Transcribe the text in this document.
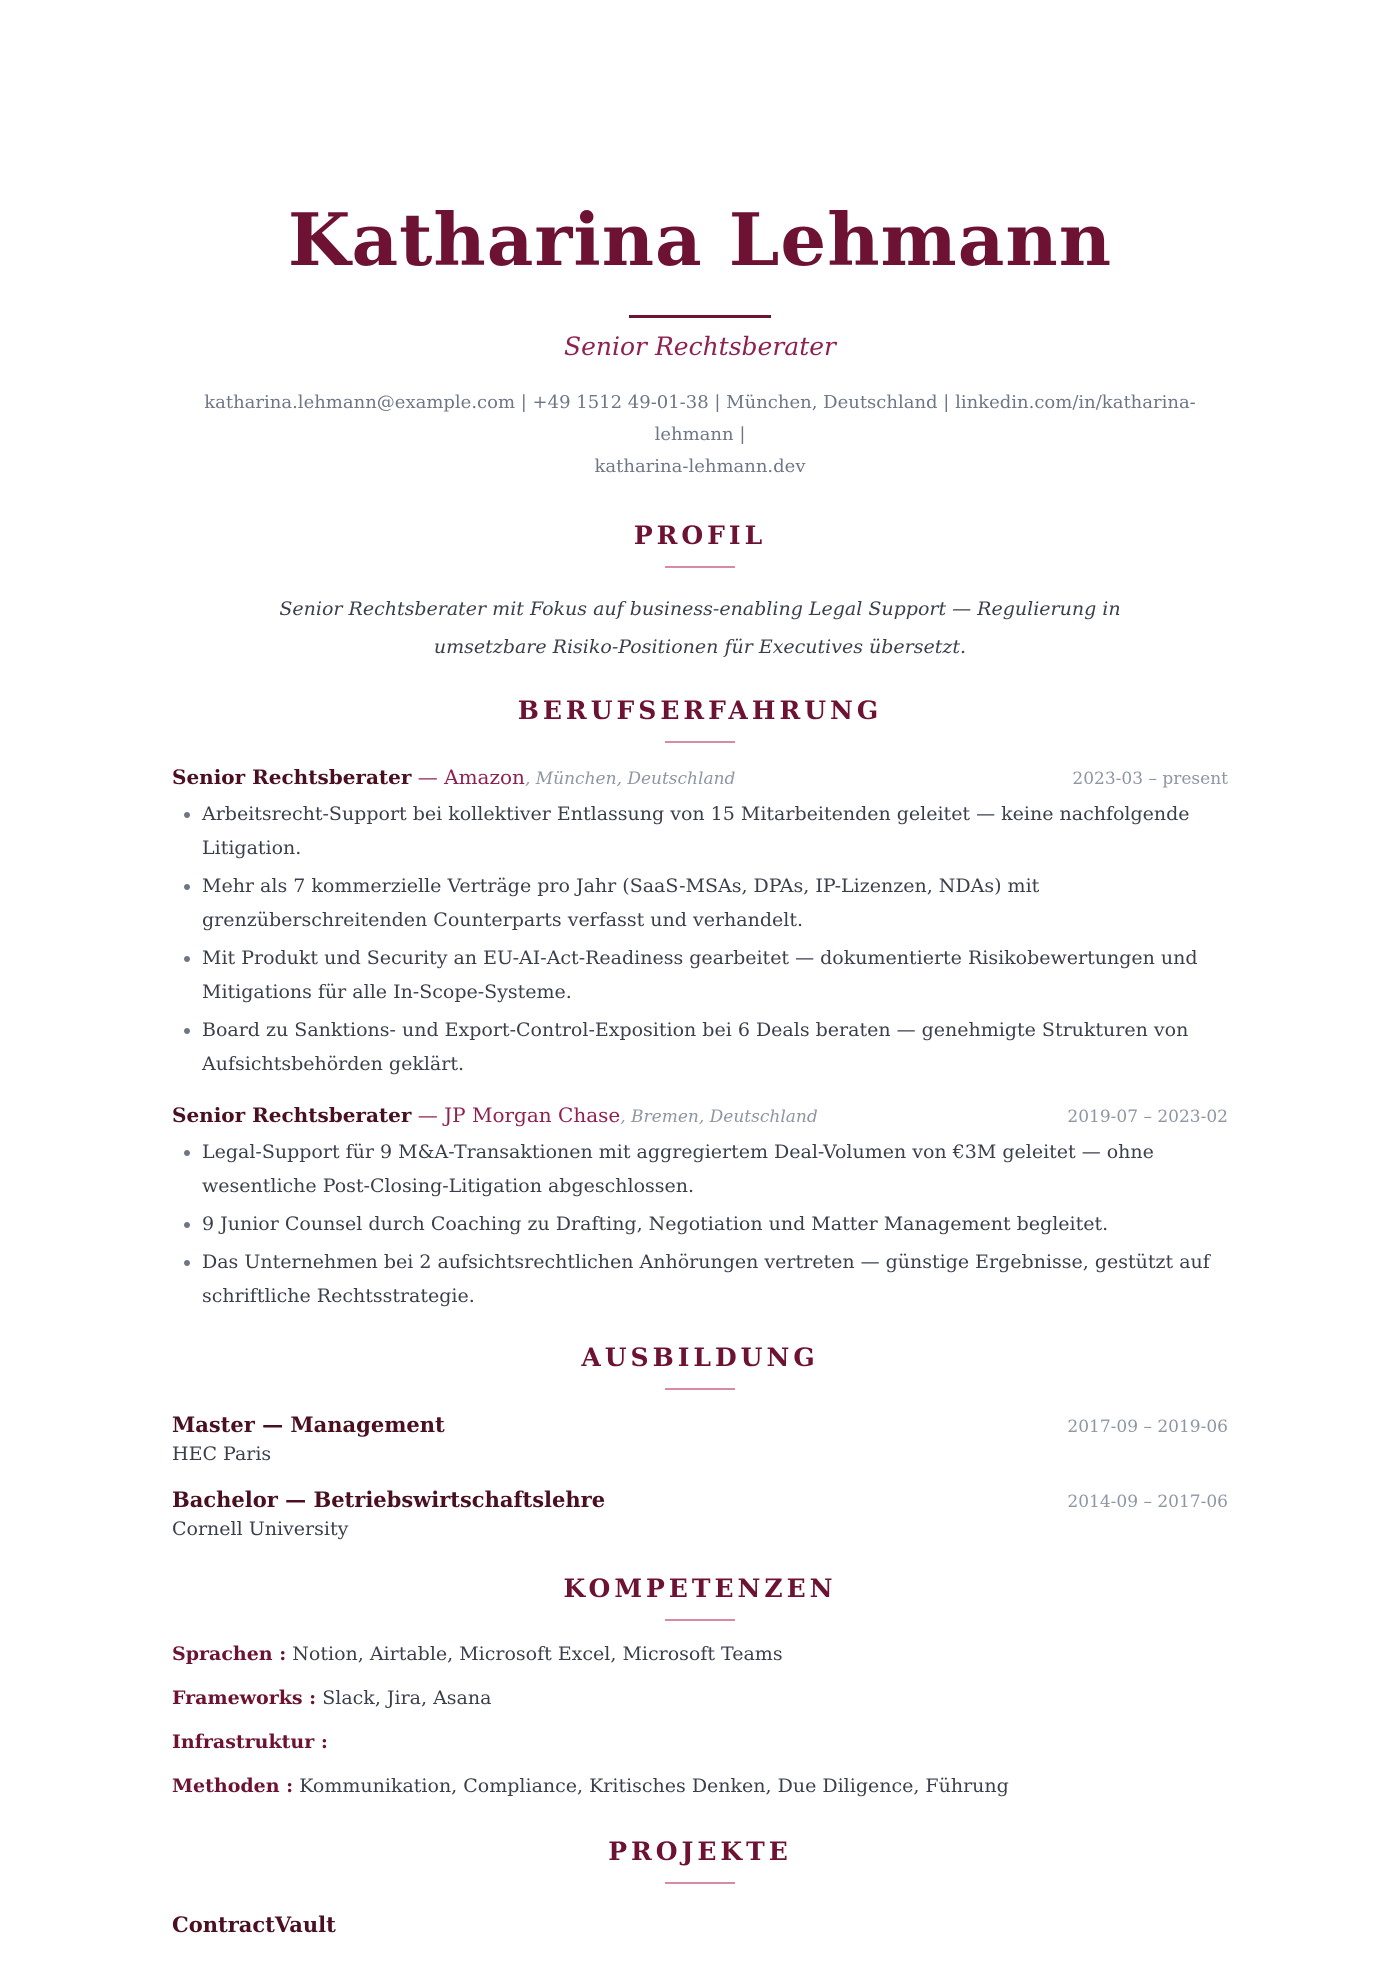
Katharina Lehmann

Senior Rechtsberater

katharina.lehmann@example.com | +49 1512 49-01-38 | München, Deutschland | linkedin.com/in/katharina-lehmann |
katharina-lehmann.dev
PROFIL

Senior Rechtsberater mit Fokus auf business-enabling Legal Support — Regulierung in umsetzbare Risiko-Positionen für Executives übersetzt.

BERUFSERFAHRUNG
Senior Rechtsberater — Amazon, München, Deutschland	2023-03 – present
• Arbeitsrecht-Support bei kollektiver Entlassung von 15 Mitarbeitenden geleitet — keine nachfolgende Litigation.
• Mehr als 7 kommerzielle Verträge pro Jahr (SaaS-MSAs, DPAs, IP-Lizenzen, NDAs) mit grenzüberschreitenden Counterparts verfasst und verhandelt.
• Mit Produkt und Security an EU-AI-Act-Readiness gearbeitet — dokumentierte Risikobewertungen und Mitigations für alle In-Scope-Systeme.
• Board zu Sanktions- und Export-Control-Exposition bei 6 Deals beraten — genehmigte Strukturen von Aufsichtsbehörden geklärt.
Senior Rechtsberater — JP Morgan Chase, Bremen, Deutschland	2019-07 – 2023-02
• Legal-Support für 9 M&A-Transaktionen mit aggregiertem Deal-Volumen von €3M geleitet — ohne wesentliche Post-Closing-Litigation abgeschlossen.
• 9 Junior Counsel durch Coaching zu Drafting, Negotiation und Matter Management begleitet.
• Das Unternehmen bei 2 aufsichtsrechtlichen Anhörungen vertreten — günstige Ergebnisse, gestützt auf schriftliche Rechtsstrategie.
AUSBILDUNG
Master — Management	2017-09 – 2019-06
HEC Paris
Bachelor — Betriebswirtschaftslehre	2014-09 – 2017-06
Cornell University
KOMPETENZEN
Sprachen : Notion, Airtable, Microsoft Excel, Microsoft Teams
Frameworks : Slack, Jira, Asana
Infrastruktur :
Methoden : Kommunikation, Compliance, Kritisches Denken, Due Diligence, Führung
PROJEKTE
ContractVault
